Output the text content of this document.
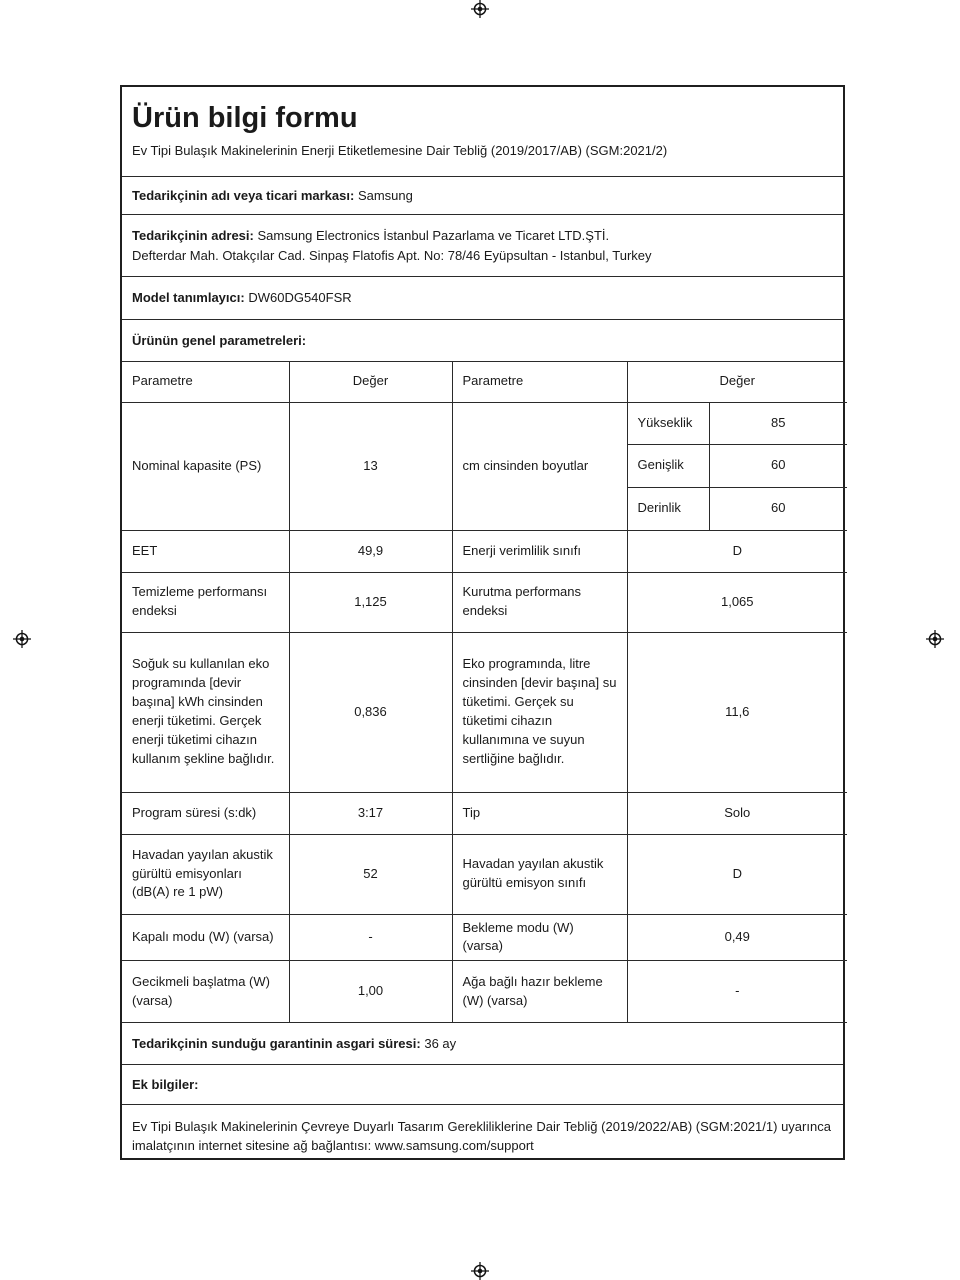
Ürün bilgi formu

Ev Tipi Bulaşık Makinelerinin Enerji Etiketlemesine Dair Tebliğ (2019/2017/AB) (SGM:2021/2)

Tedarikçinin adı veya ticari markası: Samsung
Tedarikçinin adresi: Samsung Electronics İstanbul Pazarlama ve Ticaret LTD.ŞTİ.
Defterdar Mah. Otakçılar Cad. Sinpaş Flatofis Apt. No: 78/46 Eyüpsultan - Istanbul, Turkey
Model tanımlayıcı: DW60DG540FSR
Ürünün genel parametreleri:
Parametre	Değer	Parametre	Değer	
Nominal kapasite (PS)	13	cm cinsinden boyutlar	Yükseklik	85
			Genişlik	60
			Derinlik	60
EET	49,9	Enerji verimlilik sınıfı	D	
Temizleme performansı endeksi	1,125	Kurutma performans endeksi	1,065	
Soğuk su kullanılan eko programında [devir başına] kWh cinsinden enerji tüketimi. Gerçek enerji tüketimi cihazın kullanım şekline bağlıdır.	0,836	Eko programında, litre cinsinden [devir başına] su tüketimi. Gerçek su tüketimi cihazın kullanımına ve suyun sertliğine bağlıdır.	11,6	
Program süresi (s:dk)	3:17	Tip	Solo	
Havadan yayılan akustik gürültü emisyonları (dB(A) re 1 pW)	52	Havadan yayılan akustik gürültü emisyon sınıfı	D	
Kapalı modu (W) (varsa)	-	Bekleme modu (W) (varsa)	0,49	
Gecikmeli başlatma (W) (varsa)	1,00	Ağa bağlı hazır bekleme (W) (varsa)	-	
Tedarikçinin sunduğu garantinin asgari süresi: 36 ay
Ek bilgiler:
Ev Tipi Bulaşık Makinelerinin Çevreye Duyarlı Tasarım Gerekliliklerine Dair Tebliğ (2019/2022/AB) (SGM:2021/1) uyarınca imalatçının internet sitesine ağ bağlantısı: www.samsung.com/support
